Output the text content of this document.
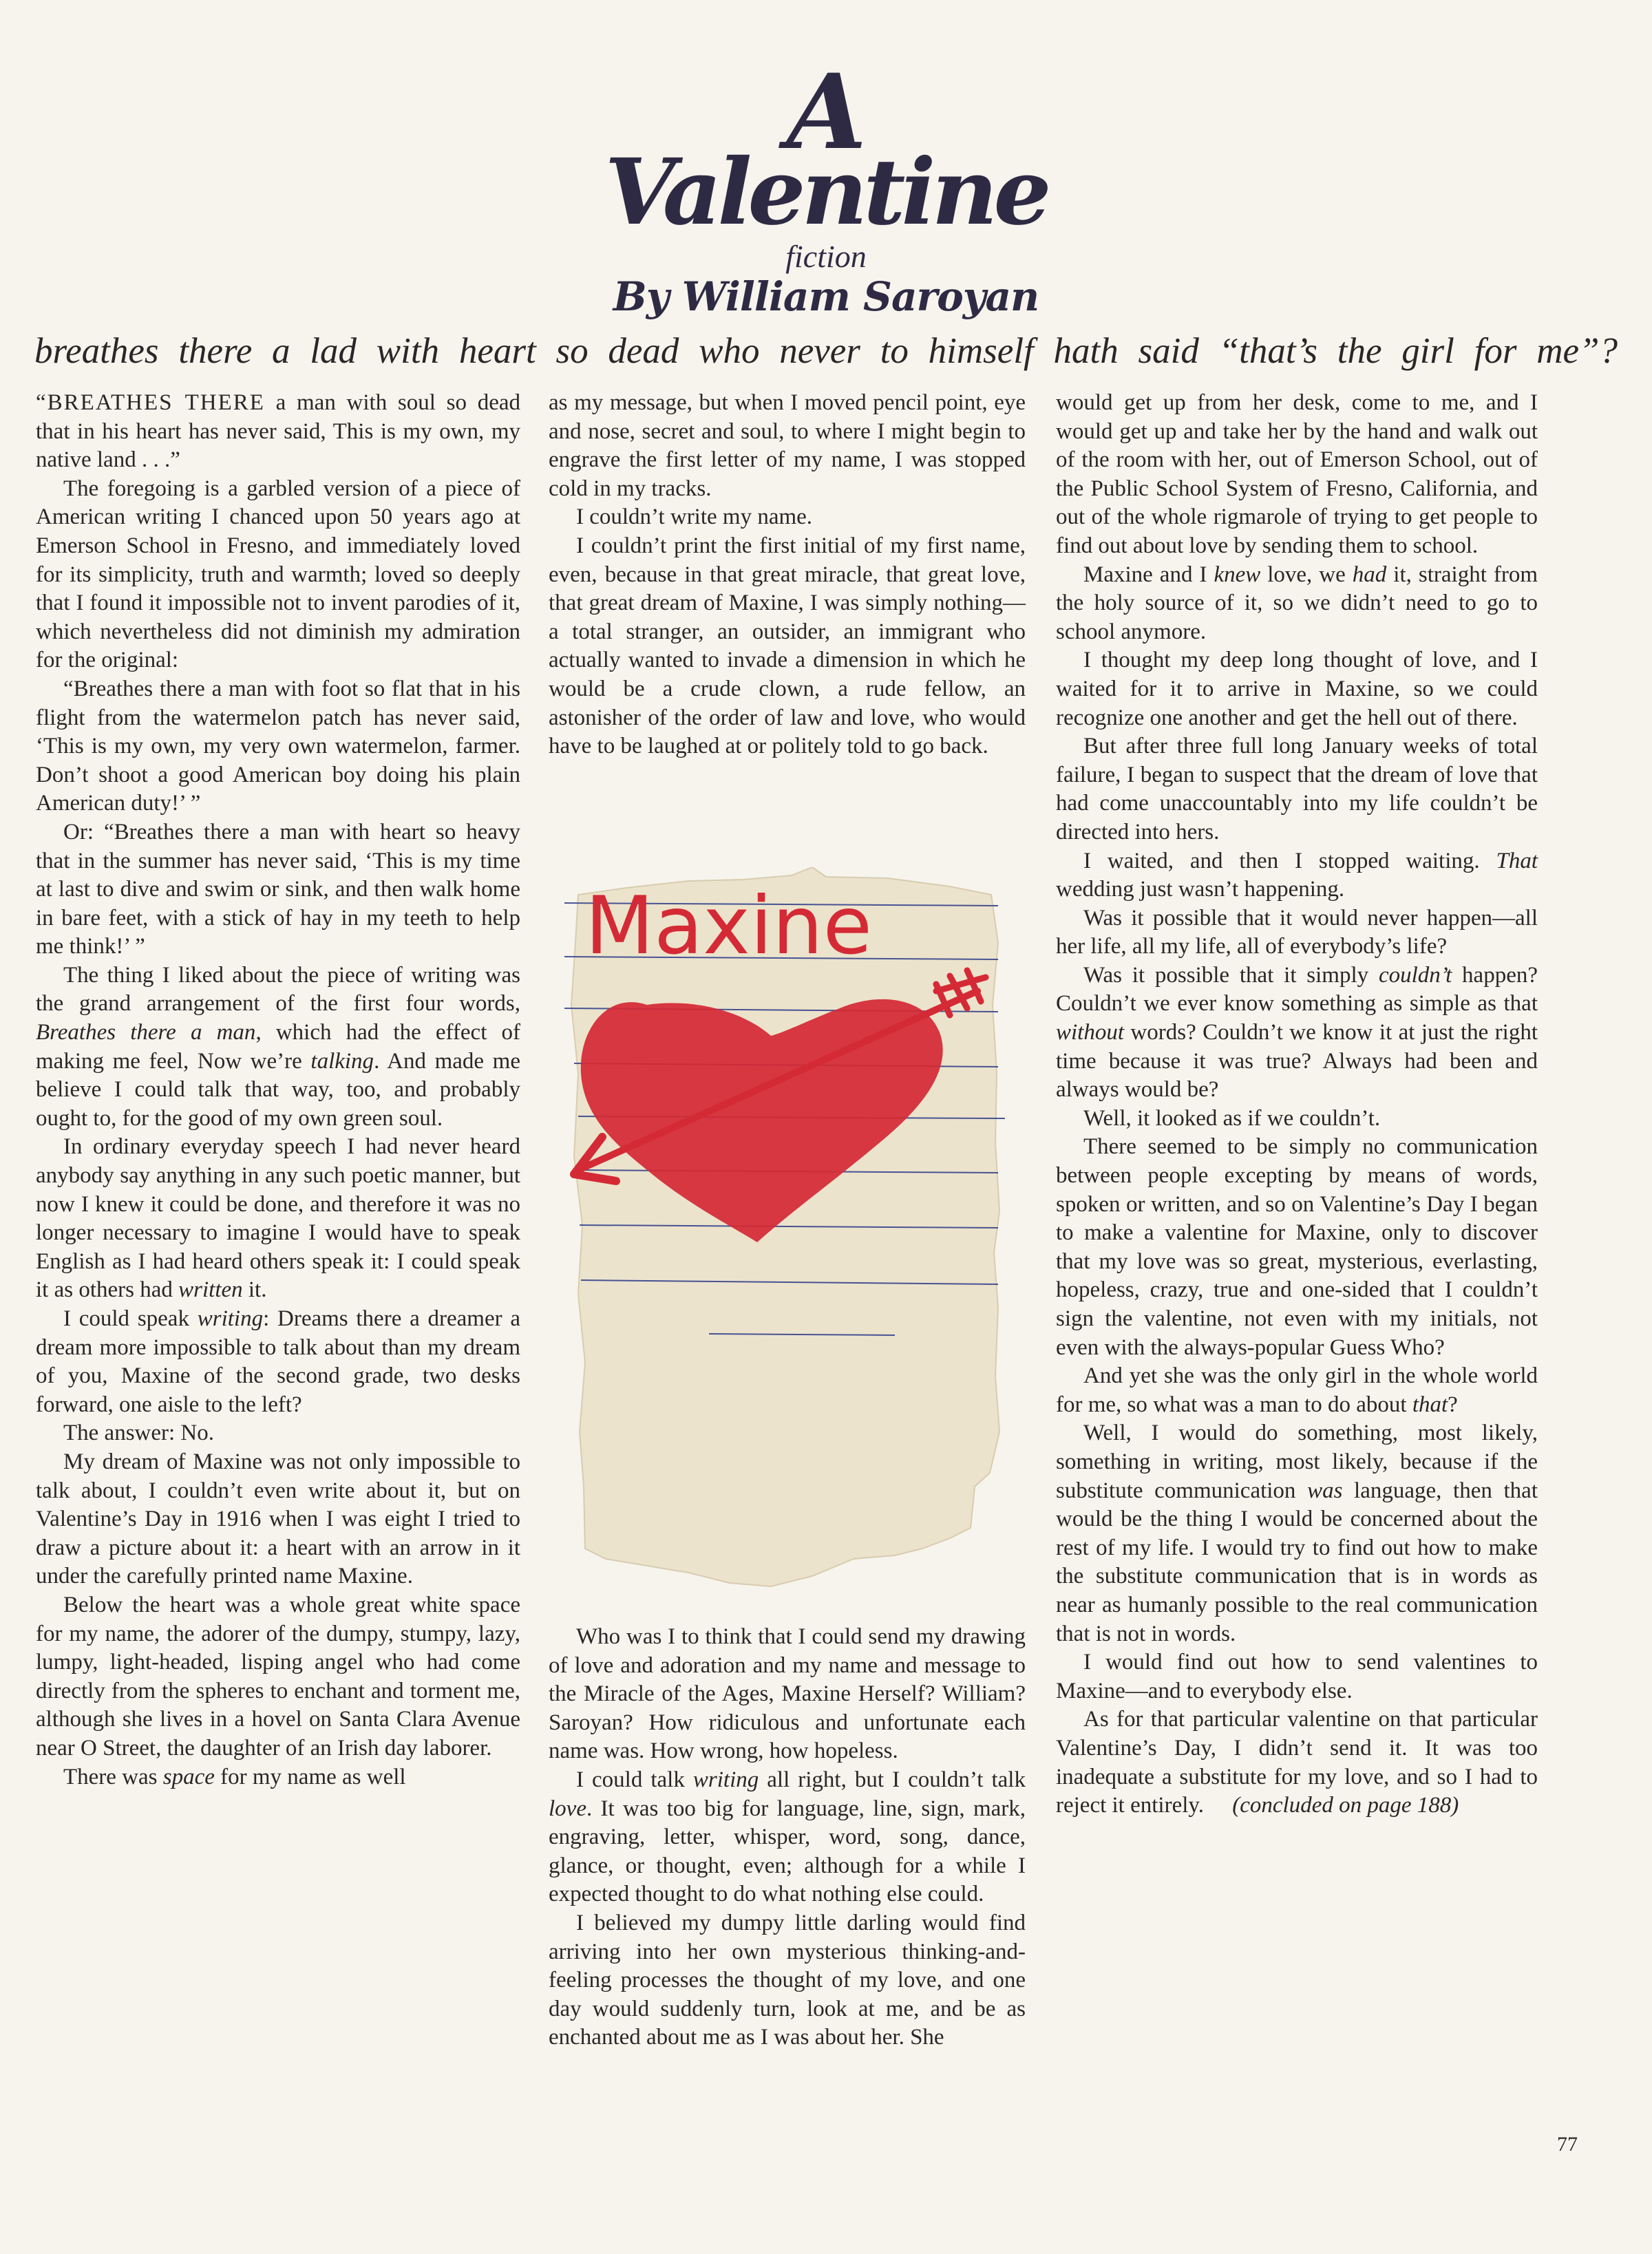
A
Valentine
fiction
By William Saroyan
breathes there a lad with heart so dead who never to himself hath said “that’s the girl for me”?

“BREATHES THERE a man with soul so dead that in his heart has never said, This is my own, my native land . . .”

The foregoing is a garbled version of a piece of American writing I chanced upon 50 years ago at Emerson School in Fresno, and immediately loved for its simplicity, truth and warmth; loved so deeply that I found it impossible not to invent parodies of it, which nevertheless did not diminish my admiration for the original:

“Breathes there a man with foot so flat that in his flight from the watermelon patch has never said, ‘This is my own, my very own watermelon, farmer. Don’t shoot a good American boy doing his plain American duty!’ ”

Or: “Breathes there a man with heart so heavy that in the summer has never said, ‘This is my time at last to dive and swim or sink, and then walk home in bare feet, with a stick of hay in my teeth to help me think!’ ”

The thing I liked about the piece of writing was the grand arrangement of the first four words, Breathes there a man, which had the effect of making me feel, Now we’re talking. And made me believe I could talk that way, too, and probably ought to, for the good of my own green soul.

In ordinary everyday speech I had never heard anybody say anything in any such poetic manner, but now I knew it could be done, and therefore it was no longer necessary to imagine I would have to speak English as I had heard others speak it: I could speak it as others had written it.

I could speak writing: Dreams there a dreamer a dream more impossible to talk about than my dream of you, Maxine of the second grade, two desks forward, one aisle to the left?

The answer: No.

My dream of Maxine was not only impossible to talk about, I couldn’t even write about it, but on Valentine’s Day in 1916 when I was eight I tried to draw a picture about it: a heart with an arrow in it under the carefully printed name Maxine.

Below the heart was a whole great white space for my name, the adorer of the dumpy, stumpy, lazy, lumpy, light-headed, lisping angel who had come directly from the spheres to enchant and torment me, although she lives in a hovel on Santa Clara Avenue near O Street, the daughter of an Irish day laborer.

There was space for my name as well

as my message, but when I moved pencil point, eye and nose, secret and soul, to where I might begin to engrave the first letter of my name, I was stopped cold in my tracks.

I couldn’t write my name.

I couldn’t print the first initial of my first name, even, because in that great miracle, that great love, that great dream of Maxine, I was simply nothing—a total stranger, an outsider, an immigrant who actually wanted to invade a dimension in which he would be a crude clown, a rude fellow, an astonisher of the order of law and love, who would have to be laughed at or politely told to go back.

Maxine

Who was I to think that I could send my drawing of love and adoration and my name and message to the Miracle of the Ages, Maxine Herself? William? Saroyan? How ridiculous and unfortunate each name was. How wrong, how hopeless.

I could talk writing all right, but I couldn’t talk love. It was too big for language, line, sign, mark, engraving, letter, whisper, word, song, dance, glance, or thought, even; although for a while I expected thought to do what nothing else could.

I believed my dumpy little darling would find arriving into her own mysterious thinking-and-feeling processes the thought of my love, and one day would suddenly turn, look at me, and be as enchanted about me as I was about her. She

would get up from her desk, come to me, and I would get up and take her by the hand and walk out of the room with her, out of Emerson School, out of the Public School System of Fresno, California, and out of the whole rigmarole of trying to get people to find out about love by sending them to school.

Maxine and I knew love, we had it, straight from the holy source of it, so we didn’t need to go to school anymore.

I thought my deep long thought of love, and I waited for it to arrive in Maxine, so we could recognize one another and get the hell out of there.

But after three full long January weeks of total failure, I began to suspect that the dream of love that had come unaccountably into my life couldn’t be directed into hers.

I waited, and then I stopped waiting. That wedding just wasn’t happening.

Was it possible that it would never happen—all her life, all my life, all of everybody’s life?

Was it possible that it simply couldn’t happen? Couldn’t we ever know something as simple as that without words? Couldn’t we know it at just the right time because it was true? Always had been and always would be?

Well, it looked as if we couldn’t.

There seemed to be simply no communication between people excepting by means of words, spoken or written, and so on Valentine’s Day I began to make a valentine for Maxine, only to discover that my love was so great, mysterious, everlasting, hopeless, crazy, true and one-sided that I couldn’t sign the valentine, not even with my initials, not even with the always-popular Guess Who?

And yet she was the only girl in the whole world for me, so what was a man to do about that?

Well, I would do something, most likely, something in writing, most likely, because if the substitute communication was language, then that would be the thing I would be concerned about the rest of my life. I would try to find out how to make the substitute communication that is in words as near as humanly possible to the real communication that is not in words.

I would find out how to send valentines to Maxine—and to everybody else.

As for that particular valentine on that particular Valentine’s Day, I didn’t send it. It was too inadequate a substitute for my love, and so I had to reject it entirely.  (concluded on page 188)

77
